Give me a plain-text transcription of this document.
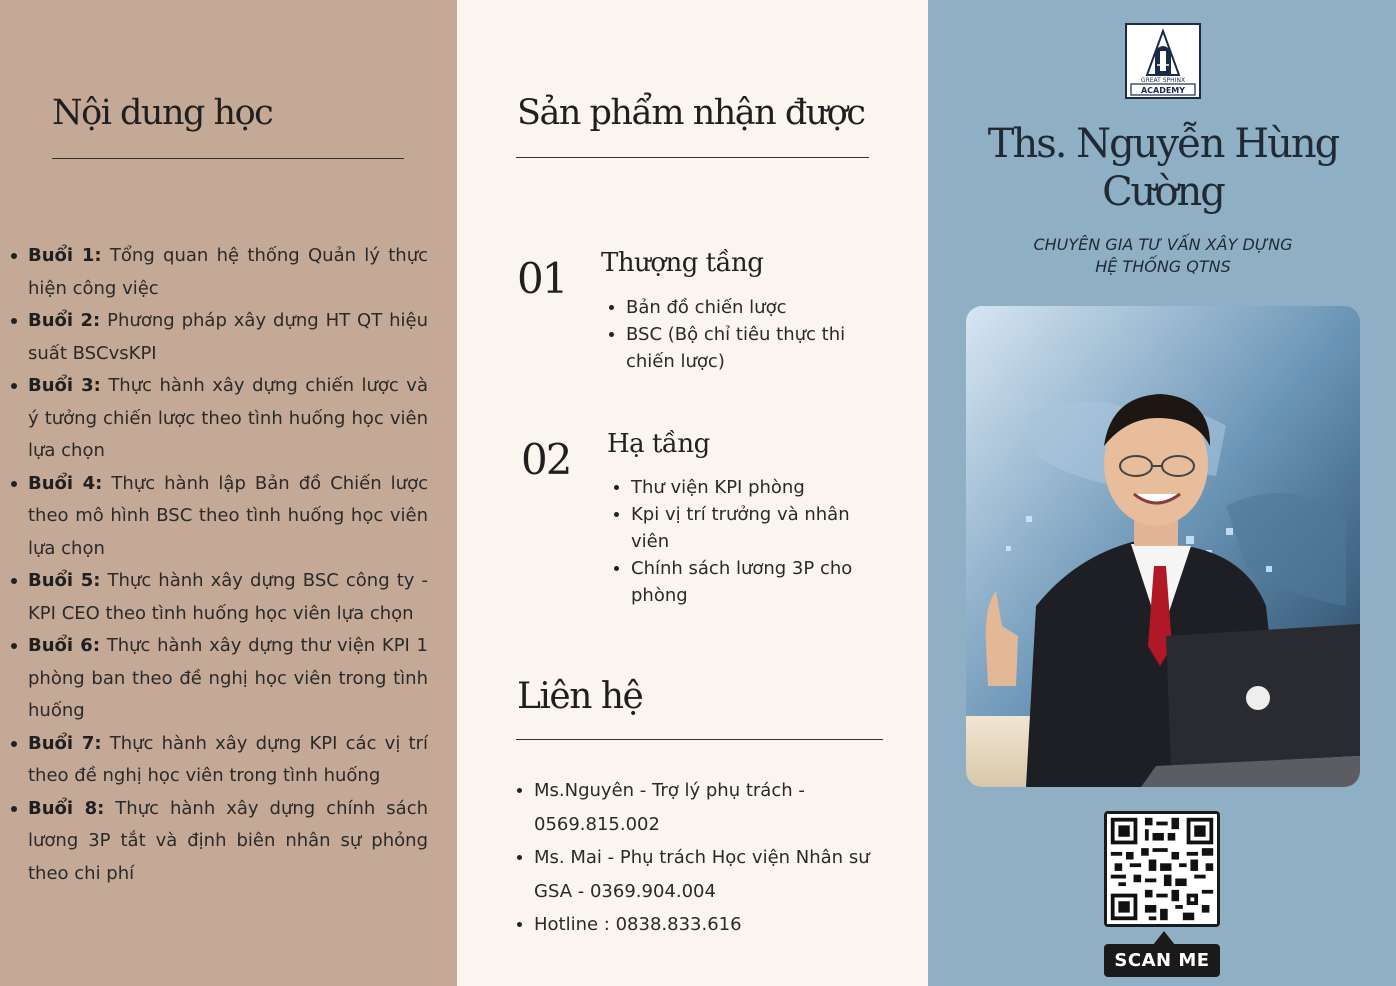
Nội dung học
Buổi 1: Tổng quan hệ thống Quản lý thực hiện công việc
Buổi 2: Phương pháp xây dựng HT QT hiệu suất BSCvsKPI
Buổi 3: Thực hành xây dựng chiến lược và ý tưởng chiến lược theo tình huống học viên lựa chọn
Buổi 4: Thực hành lập Bản đồ Chiến lược theo mô hình BSC theo tình huống học viên lựa chọn
Buổi 5: Thực hành xây dựng BSC công ty - KPI CEO theo tình huống học viên lựa chọn
Buổi 6: Thực hành xây dựng thư viện KPI 1 phòng ban theo đề nghị học viên trong tình huống
Buổi 7: Thực hành xây dựng KPI các vị trí theo đề nghị học viên trong tình huống
Buổi 8: Thực hành xây dựng chính sách lương 3P tắt và định biên nhân sự phỏng theo chi phí
Sản phẩm nhận được
01 Thượng tầng
Bản đồ chiến lược
BSC (Bộ chỉ tiêu thực thi chiến lược)
02 Hạ tầng
Thư viện KPI phòng
Kpi vị trí trưởng và nhân viên
Chính sách lương 3P cho phòng
Liên hệ
Ms.Nguyên - Trợ lý phụ trách - 0569.815.002
Ms. Mai - Phụ trách Học viện Nhân sư GSA - 0369.904.004
Hotline : 0838.833.616
GREAT SPHINX
ACADEMY
Ths. Nguyễn Hùng Cường
CHUYÊN GIA TƯ VẤN XÂY DỰNG
HỆ THỐNG QTNS
SCAN ME
